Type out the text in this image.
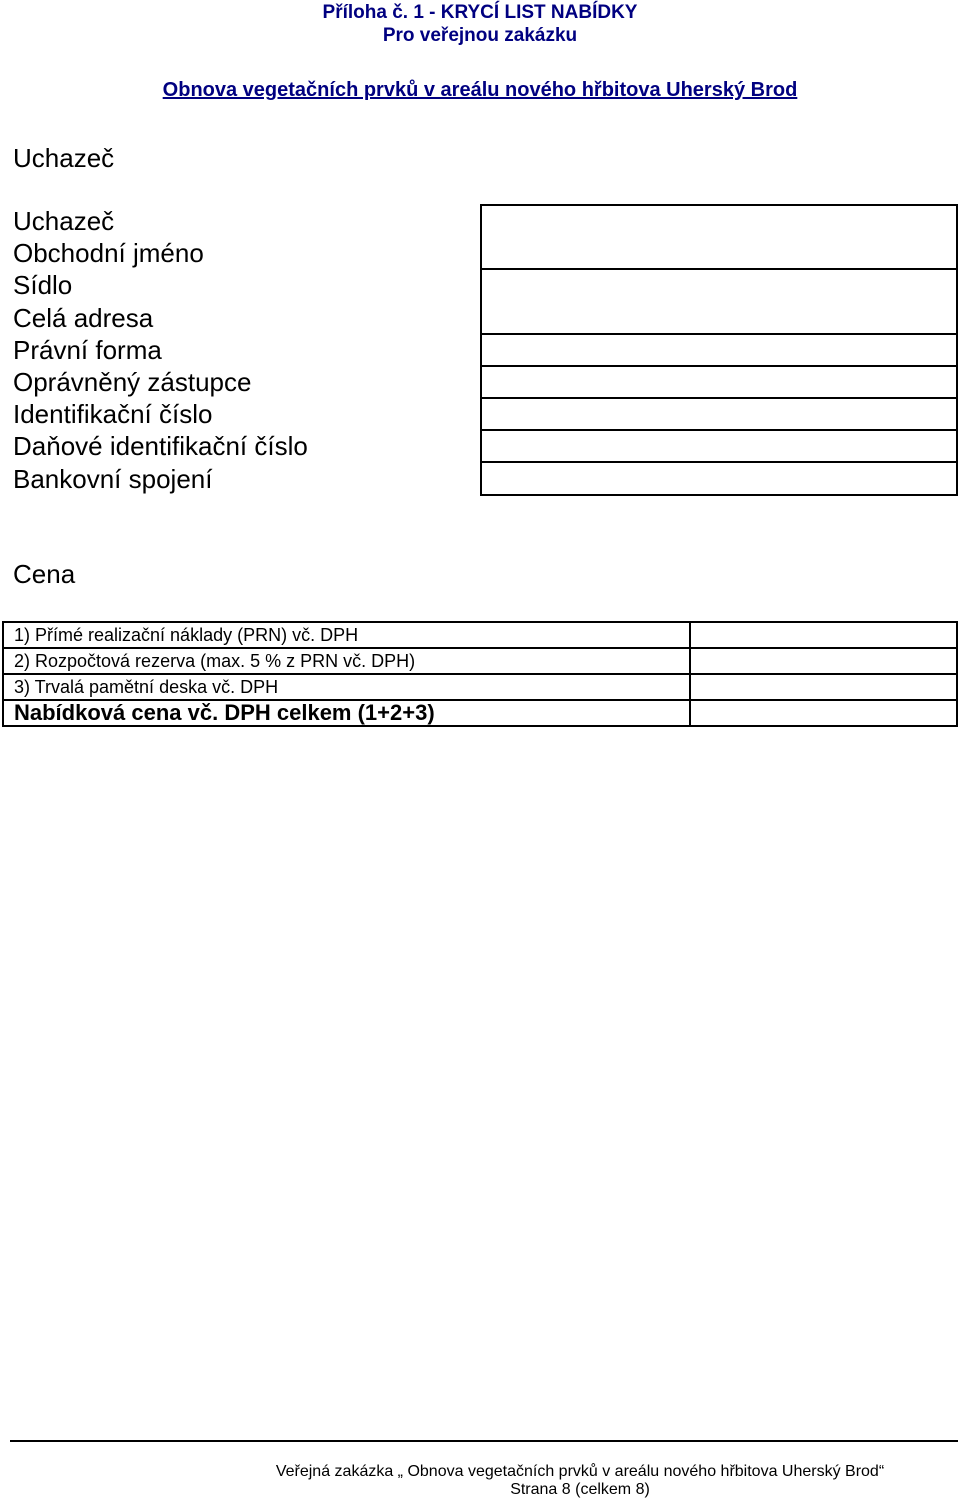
Příloha č. 1 - KRYCÍ LIST NABÍDKY
Pro veřejnou zakázku
Obnova vegetačních prvků v areálu nového hřbitova Uherský Brod
Uchazeč
Uchazeč
Obchodní jméno
Sídlo
Celá adresa
Právní forma
Oprávněný zástupce
Identifikační číslo
Daňové identifikační číslo
Bankovní spojení

Cena
1) Přímé realizační náklady (PRN) vč. DPH	
2) Rozpočtová rezerva (max. 5 % z PRN vč. DPH)	
3) Trvalá pamětní deska vč. DPH	
Nabídková cena vč. DPH celkem (1+2+3)	
Veřejná zakázka „ Obnova vegetačních prvků v areálu nového hřbitova Uherský Brod“
Strana 8 (celkem 8)
